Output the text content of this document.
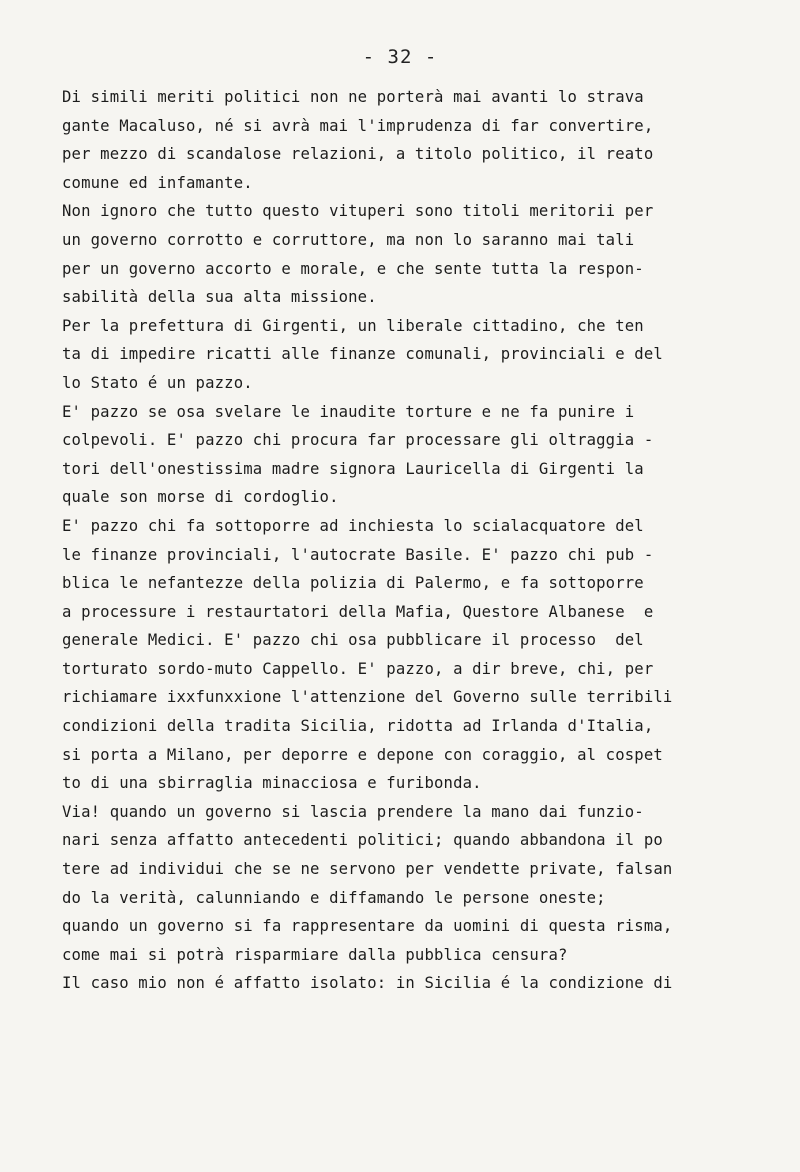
- 32 -
Di simili meriti politici non ne porterà mai avanti lo strava
gante Macaluso, né si avrà mai l'imprudenza di far convertire,
per mezzo di scandalose relazioni, a titolo politico, il reato
comune ed infamante.
Non ignoro che tutto questo vituperi sono titoli meritorii per
un governo corrotto e corruttore, ma non lo saranno mai tali
per un governo accorto e morale, e che sente tutta la respon-
sabilità della sua alta missione.
Per la prefettura di Girgenti, un liberale cittadino, che ten
ta di impedire ricatti alle finanze comunali, provinciali e del
lo Stato é un pazzo.
E' pazzo se osa svelare le inaudite torture e ne fa punire i
colpevoli. E' pazzo chi procura far processare gli oltraggia -
tori dell'onestissima madre signora Lauricella di Girgenti la
quale son morse di cordoglio.
E' pazzo chi fa sottoporre ad inchiesta lo scialacquatore del
le finanze provinciali, l'autocrate Basile. E' pazzo chi pub -
blica le nefantezze della polizia di Palermo, e fa sottoporre
a processure i restaurtatori della Mafia, Questore Albanese  e
generale Medici. E' pazzo chi osa pubblicare il processo  del
torturato sordo-muto Cappello. E' pazzo, a dir breve, chi, per
richiamare ixxfunxxione l'attenzione del Governo sulle terribili
condizioni della tradita Sicilia, ridotta ad Irlanda d'Italia,
si porta a Milano, per deporre e depone con coraggio, al cospet
to di una sbirraglia minacciosa e furibonda.
Via! quando un governo si lascia prendere la mano dai funzio-
nari senza affatto antecedenti politici; quando abbandona il po
tere ad individui che se ne servono per vendette private, falsan
do la verità, calunniando e diffamando le persone oneste;
quando un governo si fa rappresentare da uomini di questa risma,
come mai si potrà risparmiare dalla pubblica censura?
Il caso mio non é affatto isolato: in Sicilia é la condizione di
